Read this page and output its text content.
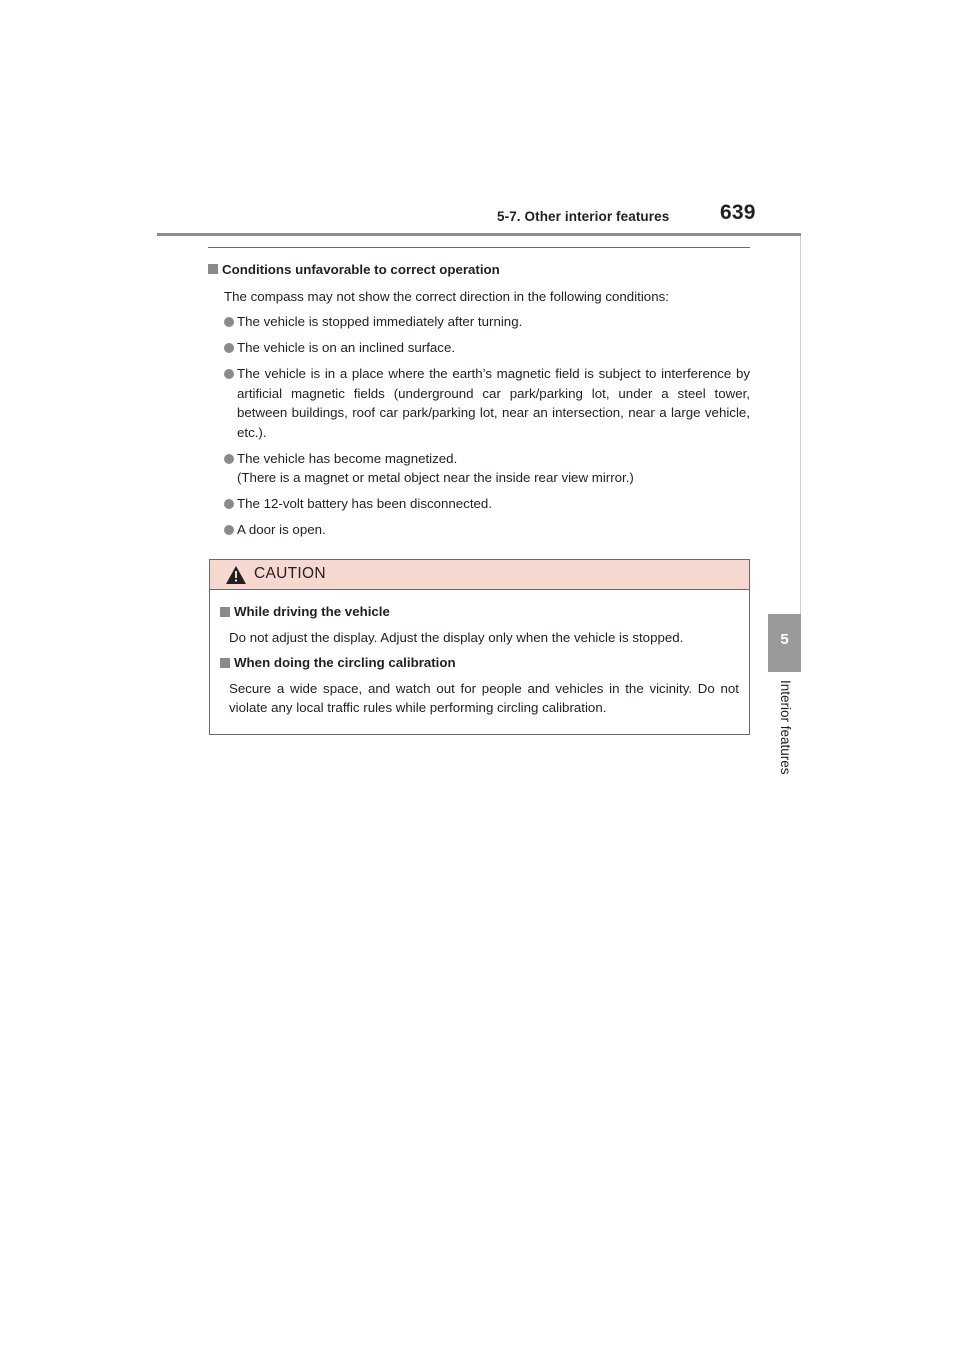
5-7. Other interior features 639
5
Interior features
Conditions unfavorable to correct operation
The compass may not show the correct direction in the following conditions:
The vehicle is stopped immediately after turning.
The vehicle is on an inclined surface.
The vehicle is in a place where the earth’s magnetic field is subject to interference by artificial magnetic fields (underground car park/parking lot, under a steel tower, between buildings, roof car park/parking lot, near an intersection, near a large vehicle, etc.).
The vehicle has become magnetized.
(There is a magnet or metal object near the inside rear view mirror.)
The 12-volt battery has been disconnected.
A door is open.
CAUTION
While driving the vehicle
Do not adjust the display. Adjust the display only when the vehicle is stopped.
When doing the circling calibration
Secure a wide space, and watch out for people and vehicles in the vicinity. Do not violate any local traffic rules while performing circling calibration.
